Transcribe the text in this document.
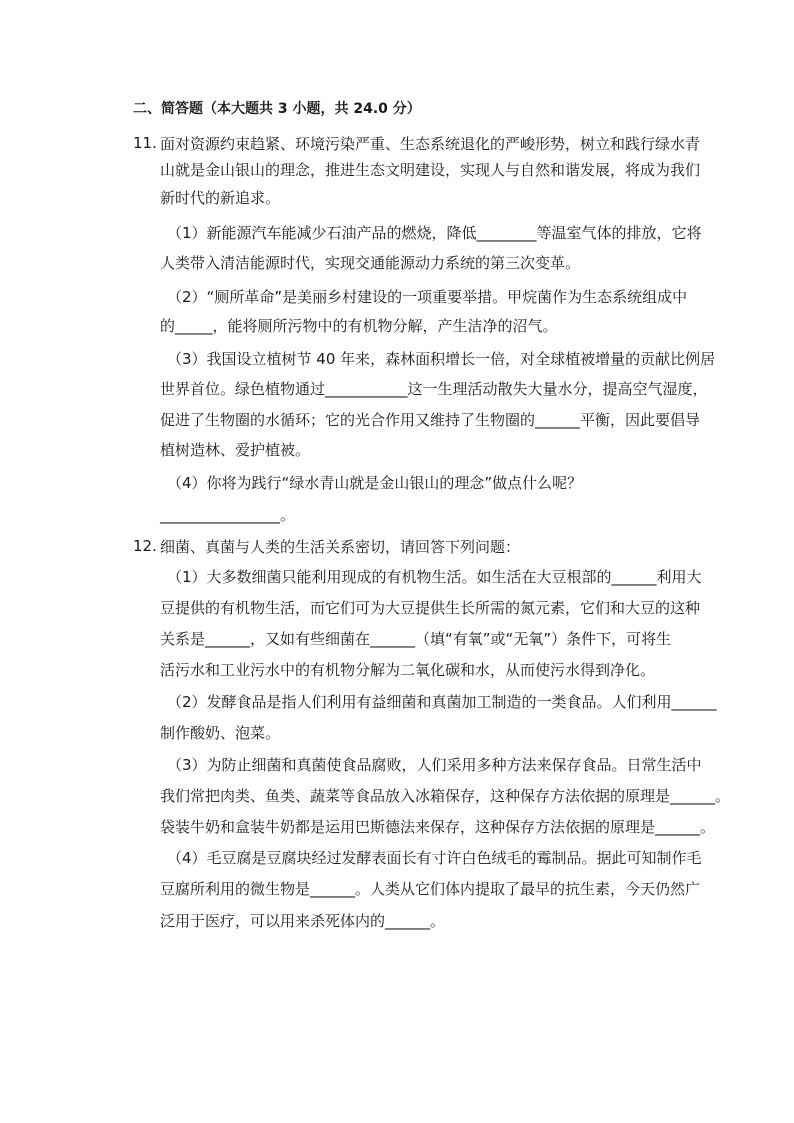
二、简答题（本大题共 3 小题，共 24.0 分）
11. 面对资源约束趋紧、环境污染严重、生态系统退化的严峻形势，树立和践行绿水青
山就是金山银山的理念，推进生态文明建设，实现人与自然和谐发展，将成为我们
新时代的新追求。
（1）新能源汽车能减少石油产品的燃烧，降低________等温室气体的排放，它将
人类带入清洁能源时代，实现交通能源动力系统的第三次变革。
（2）“厕所革命”是美丽乡村建设的一项重要举措。甲烷菌作为生态系统组成中
的_____，能将厕所污物中的有机物分解，产生洁净的沼气。
（3）我国设立植树节 40 年来，森林面积增长一倍，对全球植被增量的贡献比例居
世界首位。绿色植物通过___________这一生理活动散失大量水分，提高空气湿度，
促进了生物圈的水循环；它的光合作用又维持了生物圈的______平衡，因此要倡导
植树造林、爱护植被。
（4）你将为践行“绿水青山就是金山银山的理念”做点什么呢？
________________。
12. 细菌、真菌与人类的生活关系密切，请回答下列问题：
（1）大多数细菌只能利用现成的有机物生活。如生活在大豆根部的______利用大
豆提供的有机物生活，而它们可为大豆提供生长所需的氮元素，它们和大豆的这种
关系是______，又如有些细菌在______（填“有氧”或“无氧”）条件下，可将生
活污水和工业污水中的有机物分解为二氧化碳和水，从而使污水得到净化。
（2）发酵食品是指人们利用有益细菌和真菌加工制造的一类食品。人们利用______
制作酸奶、泡菜。
（3）为防止细菌和真菌使食品腐败，人们采用多种方法来保存食品。日常生活中
我们常把肉类、鱼类、蔬菜等食品放入冰箱保存，这种保存方法依据的原理是______。
袋装牛奶和盒装牛奶都是运用巴斯德法来保存，这种保存方法依据的原理是______。
（4）毛豆腐是豆腐块经过发酵表面长有寸许白色绒毛的霉制品。据此可知制作毛
豆腐所利用的微生物是______。人类从它们体内提取了最早的抗生素，今天仍然广
泛用于医疗，可以用来杀死体内的______。
